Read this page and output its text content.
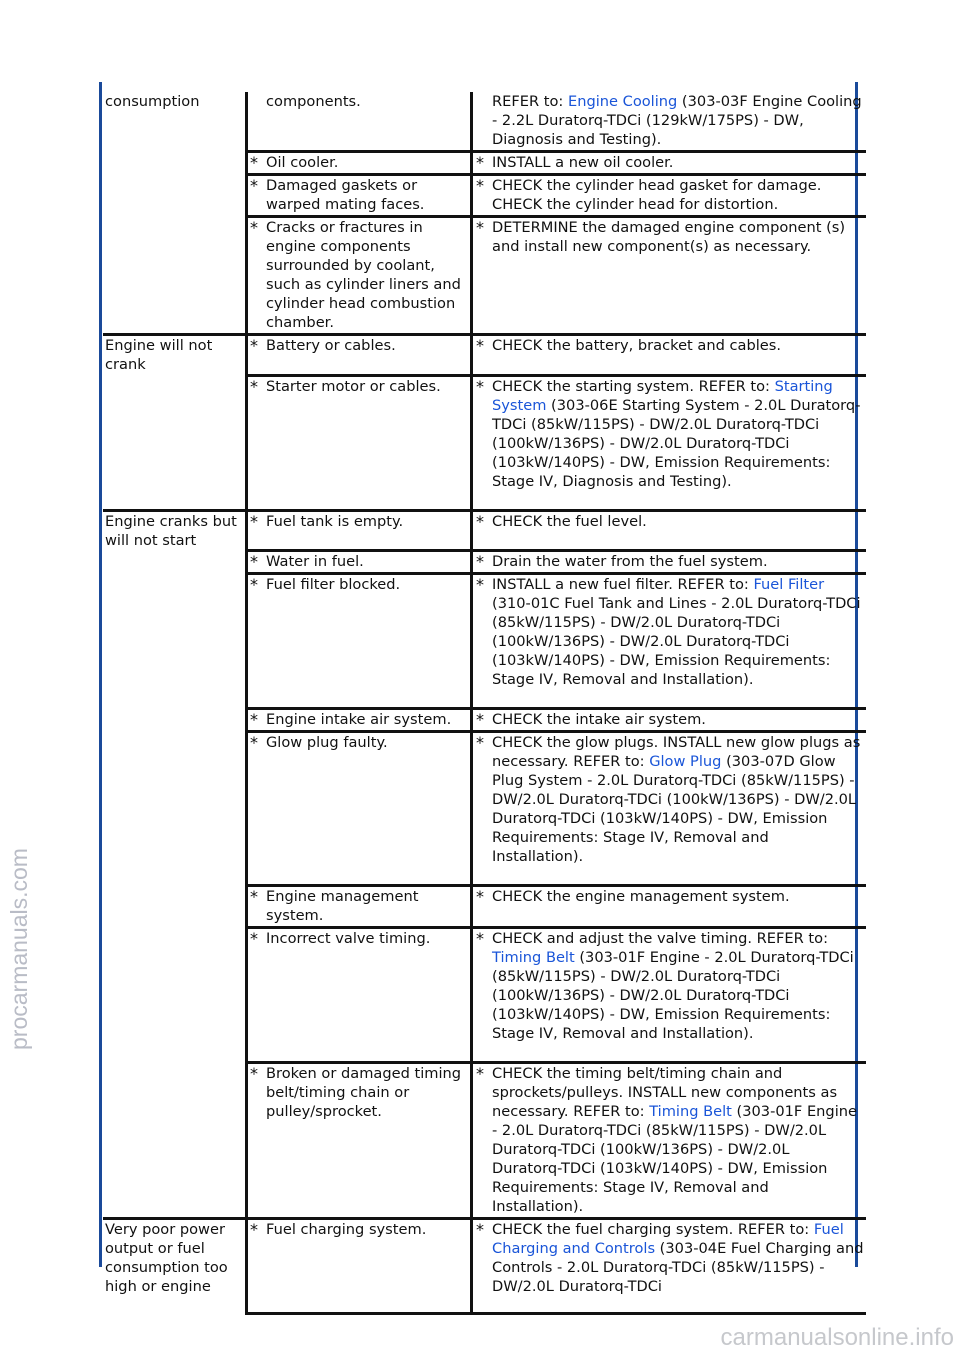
procarmanuals.com
carmanualsonline.info
consumption	components.	REFER to: Engine Cooling (303-03F Engine Cooling - 2.2L Duratorq-TDCi (129kW/175PS) - DW, Diagnosis and Testing).

	* Oil cooler.	* INSTALL a new oil cooler.

	* Damaged gaskets or warped mating faces.	* CHECK the cylinder head gasket for damage. CHECK the cylinder head for distortion.

	* Cracks or fractures in engine components surrounded by coolant, such as cylinder liners and cylinder head combustion chamber.	* DETERMINE the damaged engine component (s) and install new component(s) as necessary.

Engine will not crank	* Battery or cables.	* CHECK the battery, bracket and cables.

	* Starter motor or cables.	* CHECK the starting system. REFER to: Starting System (303-06E Starting System - 2.0L Duratorq-TDCi (85kW/115PS) - DW/2.0L Duratorq-TDCi (100kW/136PS) - DW/2.0L Duratorq-TDCi (103kW/140PS) - DW, Emission Requirements: Stage IV, Diagnosis and Testing).

Engine cranks but will not start	* Fuel tank is empty.	* CHECK the fuel level.

	* Water in fuel.	* Drain the water from the fuel system.

	* Fuel filter blocked.	* INSTALL a new fuel filter. REFER to: Fuel Filter (310-01C Fuel Tank and Lines - 2.0L Duratorq-TDCi (85kW/115PS) - DW/2.0L Duratorq-TDCi (100kW/136PS) - DW/2.0L Duratorq-TDCi (103kW/140PS) - DW, Emission Requirements: Stage IV, Removal and Installation).

	* Engine intake air system.	* CHECK the intake air system.

	* Glow plug faulty.	* CHECK the glow plugs. INSTALL new glow plugs as necessary. REFER to: Glow Plug (303-07D Glow Plug System - 2.0L Duratorq-TDCi (85kW/115PS) - DW/2.0L Duratorq-TDCi (100kW/136PS) - DW/2.0L Duratorq-TDCi (103kW/140PS) - DW, Emission Requirements: Stage IV, Removal and Installation).

	* Engine management system.	* CHECK the engine management system.

	* Incorrect valve timing.	* CHECK and adjust the valve timing. REFER to: Timing Belt (303-01F Engine - 2.0L Duratorq-TDCi (85kW/115PS) - DW/2.0L Duratorq-TDCi (100kW/136PS) - DW/2.0L Duratorq-TDCi (103kW/140PS) - DW, Emission Requirements: Stage IV, Removal and Installation).

	* Broken or damaged timing belt/timing chain or pulley/sprocket.	* CHECK the timing belt/timing chain and sprockets/pulleys. INSTALL new components as necessary. REFER to: Timing Belt (303-01F Engine - 2.0L Duratorq-TDCi (85kW/115PS) - DW/2.0L Duratorq-TDCi (100kW/136PS) - DW/2.0L Duratorq-TDCi (103kW/140PS) - DW, Emission Requirements: Stage IV, Removal and Installation).

Very poor power output or fuel consumption too high or engine	* Fuel charging system.	* CHECK the fuel charging system. REFER to: Fuel Charging and Controls (303-04E Fuel Charging and Controls - 2.0L Duratorq-TDCi (85kW/115PS) - DW/2.0L Duratorq-TDCi
